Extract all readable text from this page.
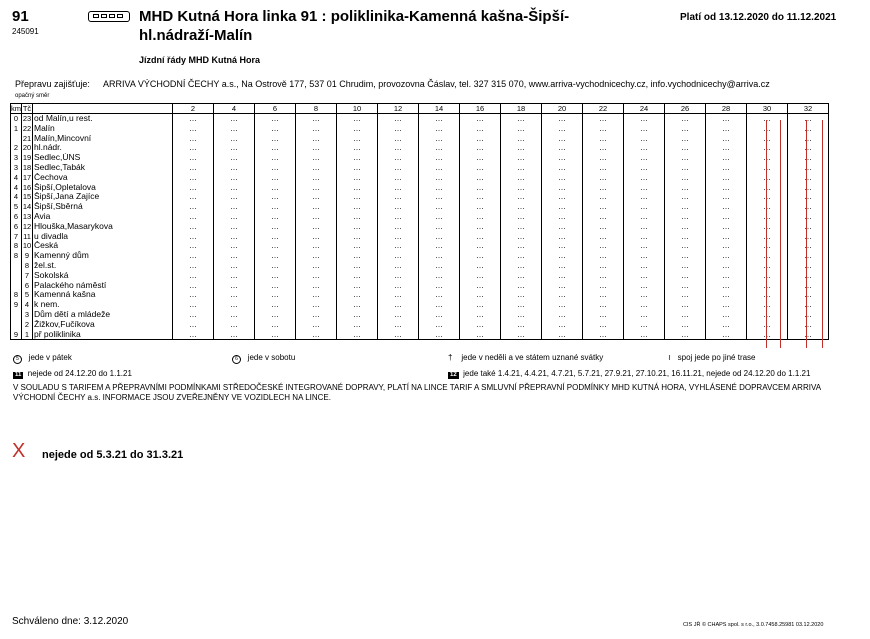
91
245091
MHD Kutná Hora linka 91 : poliklinika-Kamenná kašna-Šipší-
hl.nádraží-Malín
Platí od 13.12.2020 do 11.12.2021
Jízdní řády MHD Kutná Hora
Přepravu zajišťuje: ARRIVA VÝCHODNÍ ČECHY a.s., Na Ostrově 177, 537 01 Chrudim, provozovna Čáslav, tel. 327 315 070, www.arriva-vychodnicechy.cz, info.vychodnicechy@arriva.cz
opačný směr
km	Tč		2	4	6	8	10	12	14	16	18	20	22	24	26	28	30	32
0	23	od Malín,u rest.	…	…	…	…	…	…	…	…	…	…	…	…	…	…	…	…
1	22	Malín	…	…	…	…	…	…	…	…	…	…	…	…	…	…	…	…
	21	Malín,Mincovní	…	…	…	…	…	…	…	…	…	…	…	…	…	…	…	…
2	20	hl.nádr.	…	…	…	…	…	…	…	…	…	…	…	…	…	…	…	…
3	19	Sedlec,ÚNS	…	…	…	…	…	…	…	…	…	…	…	…	…	…	…	…
3	18	Sedlec,Tabák	…	…	…	…	…	…	…	…	…	…	…	…	…	…	…	…
4	17	Čechova	…	…	…	…	…	…	…	…	…	…	…	…	…	…	…	…
4	16	Šipší,Opletalova	…	…	…	…	…	…	…	…	…	…	…	…	…	…	…	…
4	15	Šipší,Jana Zajíce	…	…	…	…	…	…	…	…	…	…	…	…	…	…	…	…
5	14	Šipší,Sběrná	…	…	…	…	…	…	…	…	…	…	…	…	…	…	…	…
6	13	Avia	…	…	…	…	…	…	…	…	…	…	…	…	…	…	…	…
6	12	Hlouška,Masarykova	…	…	…	…	…	…	…	…	…	…	…	…	…	…	…	…
7	11	u divadla	…	…	…	…	…	…	…	…	…	…	…	…	…	…	…	…
8	10	Česká	…	…	…	…	…	…	…	…	…	…	…	…	…	…	…	…
8	9	Kamenný dům	…	…	…	…	…	…	…	…	…	…	…	…	…	…	…	…
	8	žel.st.	…	…	…	…	…	…	…	…	…	…	…	…	…	…	…	…
	7	Sokolská	…	…	…	…	…	…	…	…	…	…	…	…	…	…	…	…
	6	Palackého náměstí	…	…	…	…	…	…	…	…	…	…	…	…	…	…	…	…
8	5	Kamenná kašna	…	…	…	…	…	…	…	…	…	…	…	…	…	…	…	…
9	4	k nem.	…	…	…	…	…	…	…	…	…	…	…	…	…	…	…	…
	3	Dům dětí a mládeže	…	…	…	…	…	…	…	…	…	…	…	…	…	…	…	…
	2	Žižkov,Fučíkova	…	…	…	…	…	…	…	…	…	…	…	…	…	…	…	…
9	1	př poliklinika	…	…	…	…	…	…	…	…	…	…	…	…	…	…	…	…
5 jede v pátek	6 jede v sobotu	† jede v neděli a ve státem uznané svátky	≀ spoj jede po jiné trase
11 nejede od 24.12.20 do 1.1.21	12 jede také 1.4.21, 4.4.21, 4.7.21, 5.7.21, 27.9.21, 27.10.21, 16.11.21, nejede od 24.12.20 do 1.1.21
V SOULADU S TARIFEM A PŘEPRAVNÍMI PODMÍNKAMI STŘEDOČESKÉ INTEGROVANÉ DOPRAVY, PLATÍ NA LINCE TARIF A SMLUVNÍ PŘEPRAVNÍ PODMÍNKY MHD KUTNÁ HORA, VYHLÁSENÉ DOPRAVCEM ARRIVA VÝCHODNÍ ČECHY a.s. INFORMACE JSOU ZVEŘEJNĚNY VE VOZIDLECH NA LINCE.
X nejede od 5.3.21 do 31.3.21
Schváleno dne: 3.12.2020	CIS JŘ © CHAPS spol. s r.o., 3.0.7458.25981 03.12.2020
